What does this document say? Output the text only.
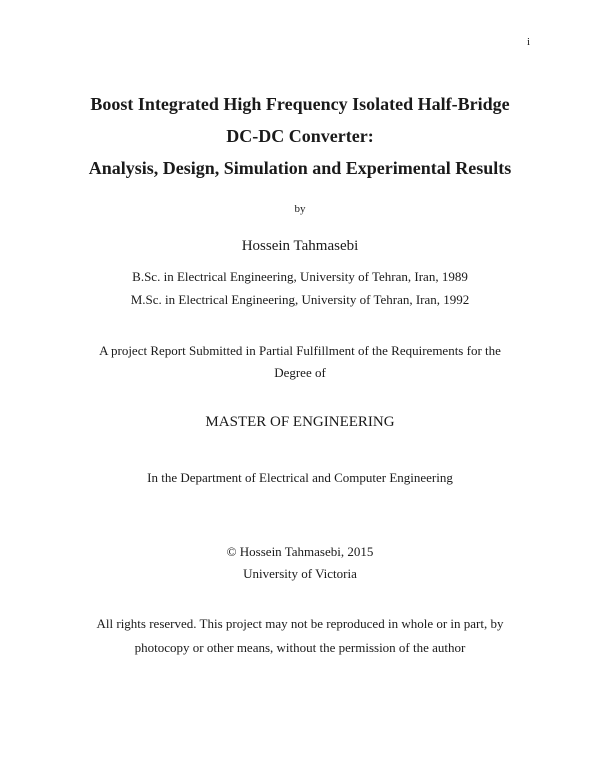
i
Boost Integrated High Frequency Isolated Half-Bridge
DC-DC Converter:
Analysis, Design, Simulation and Experimental Results
by
Hossein Tahmasebi
B.Sc. in Electrical Engineering, University of Tehran, Iran, 1989
M.Sc. in Electrical Engineering, University of Tehran, Iran, 1992
A project Report Submitted in Partial Fulfillment of the Requirements for the
Degree of
MASTER OF ENGINEERING
In the Department of Electrical and Computer Engineering
© Hossein Tahmasebi, 2015
University of Victoria
All rights reserved. This project may not be reproduced in whole or in part, by
photocopy or other means, without the permission of the author
